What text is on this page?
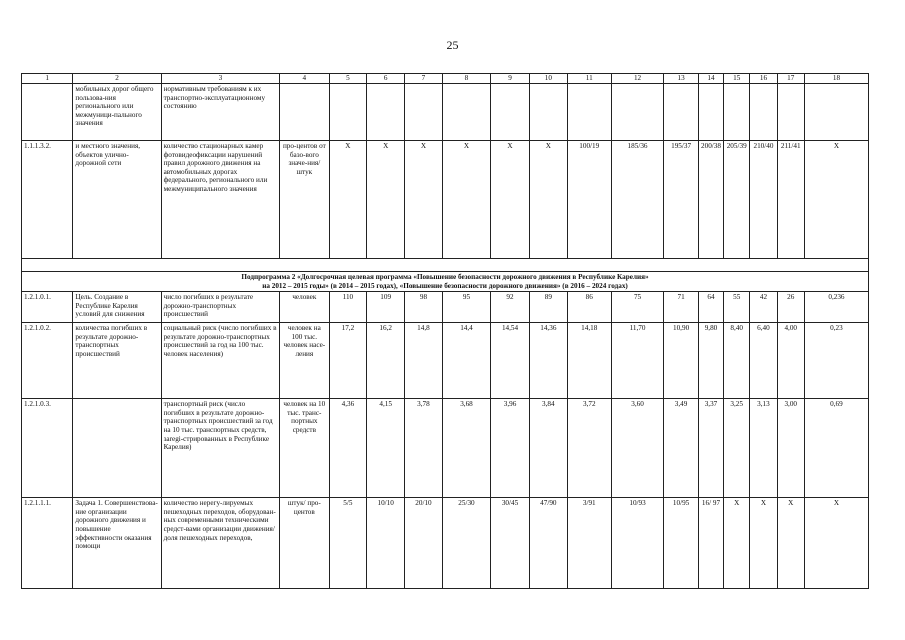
25
1	2	3	4	5	6	7	8	9	10	11	12	13	14	15	16	17	18
	мобильных дорог общего пользова-ния регионального или межмуници-пального значения	нормативным требованиям к их транспортно-эксплуатационному состоянию															
1.1.1.3.2.	и местного значения, объектов улично-дорожной сети	количество стационарных камер фотовидеофиксации нарушений правил дорожного движения на автомобильных дорогах федерального, регионального или межмуниципального значения	про-центов от базо-вого значе-ния/ штук	X	X	X	X	X	X	100/19	185/36	195/37	200/38	205/39	210/40	211/41	X

Подпрограмма 2 «Долгосрочная целевая программа «Повышение безопасности дорожного движения в Республике Карелия»
на 2012 – 2015 годы» (в 2014 – 2015 годах), «Повышение безопасности дорожного движения» (в 2016 – 2024 годах)																	

1.2.1.0.1.	Цель. Создание в Республике Карелия условий для снижения	число погибших в результате дорожно-транспортных происшествий	человек	110	109	98	95	92	89	86	75	71	64	55	42	26	0,236
1.2.1.0.2.	количества погибших в результате дорожно-транспортных происшествий	социальный риск (число погибших в результате дорожно-транспортных происшествий за год на 100 тыс. человек населения)	человек на 100 тыс. человек насе-ления	17,2	16,2	14,8	14,4	14,54	14,36	14,18	11,70	10,90	9,80	8,40	6,40	4,00	0,23
1.2.1.0.3.		транспортный риск (число погибших в результате дорожно-транспортных происшествий за год на 10 тыс. транспортных средств, заregi-стрированных в Республике Карелия)	человек на 10 тыс. транс-портных средств	4,36	4,15	3,78	3,68	3,96	3,84	3,72	3,60	3,49	3,37	3,25	3,13	3,00	0,69
1.2.1.1.1.	Задача 1. Совершенствова-ние организации дорожного движения и повышение эффективности оказания помощи	количество нерегу-лируемых пешеходных переходов, оборудован-ных современными техническими средст-вами организации движения/доля пешеходных переходов,	штук/ про-центов	5/5	10/10	20/10	25/30	30/45	47/90	3/91	10/93	10/95	16/ 97	X	X	X	X
